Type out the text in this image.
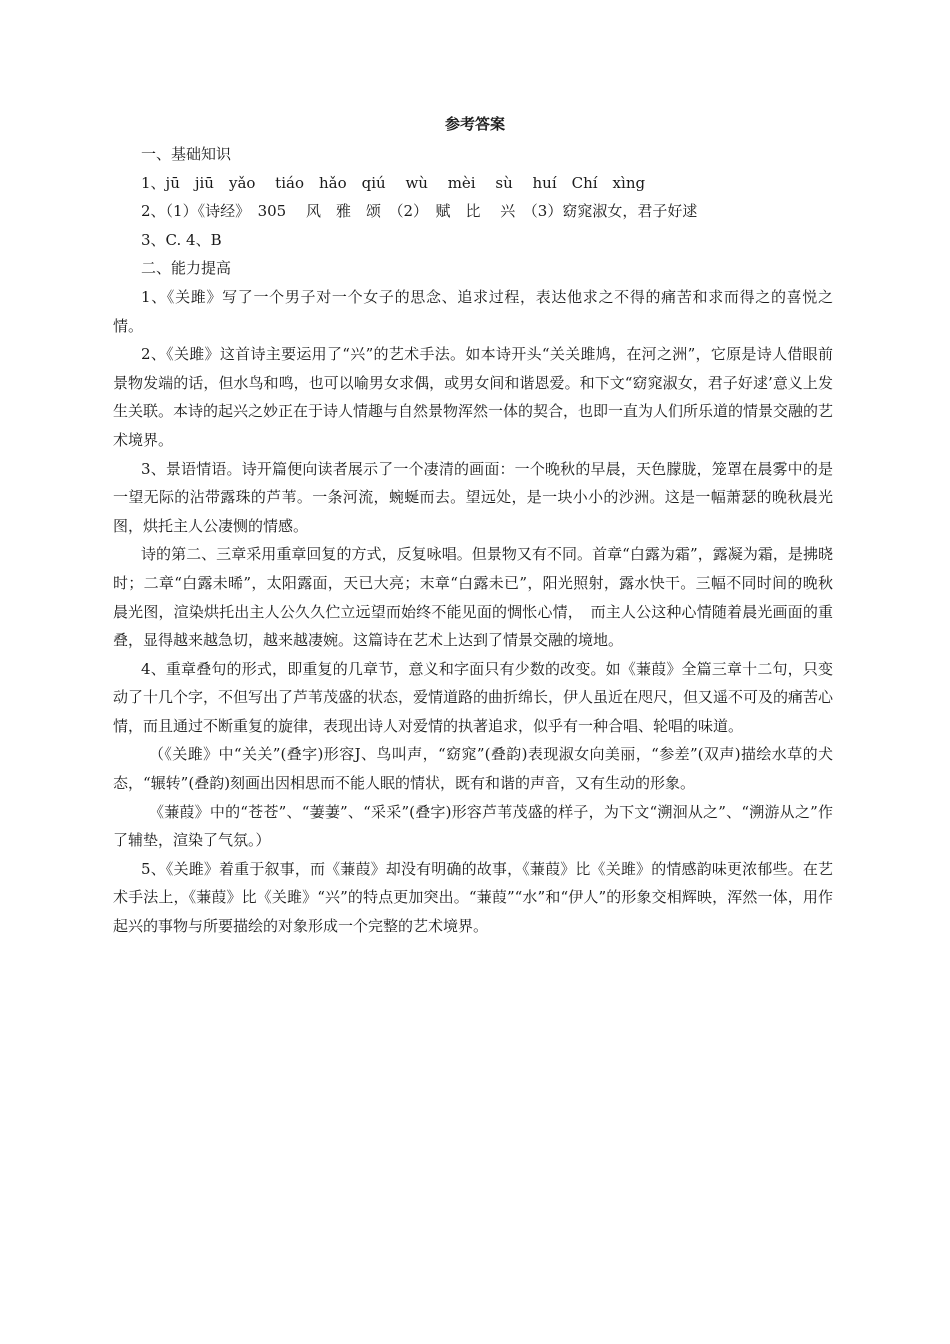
参考答案

一、基础知识

1、jū　jiū　yǎo　 tiáo　hǎo　qiú　 wù　 mèi　 sù　 huí　Chí　xìng

2、（1）《诗经》　305　 风　雅　颂　（2）　赋　比　 兴　（3）窈窕淑女，君子好逑

3、C. 4、B

二、能力提高

1、《关雎》写了一个男子对一个女子的思念、追求过程，表达他求之不得的痛苦和求而得之的喜悦之情。

2、《关雎》这首诗主要运用了“兴”的艺术手法。如本诗开头“关关雎鸠，在河之洲”，它原是诗人借眼前景物发端的话，但水鸟和鸣，也可以喻男女求偶，或男女间和谐恩爱。和下文“窈窕淑女，君子好逑’意义上发生关联。本诗的起兴之妙正在于诗人情趣与自然景物浑然一体的契合，也即一直为人们所乐道的情景交融的艺术境界。

3、景语情语。诗开篇便向读者展示了一个凄清的画面：一个晚秋的早晨，天色朦胧，笼罩在晨雾中的是一望无际的沾带露珠的芦苇。一条河流，蜿蜒而去。望远处，是一块小小的沙洲。这是一幅萧瑟的晚秋晨光图，烘托主人公凄恻的情感。

诗的第二、三章采用重章回复的方式，反复咏唱。但景物又有不同。首章“白露为霜”，露凝为霜，是拂晓时；二章“白露未晞”，太阳露面，天已大亮；末章“白露未已”，阳光照射，露水快干。三幅不同时间的晚秋晨光图，渲染烘托出主人公久久伫立远望而始终不能见面的惆怅心情，　而主人公这种心情随着晨光画面的重叠，显得越来越急切，越来越凄婉。这篇诗在艺术上达到了情景交融的境地。

4、重章叠句的形式，即重复的几章节，意义和字面只有少数的改变。如《蒹葭》全篇三章十二句，只变动了十几个字，不但写出了芦苇茂盛的状态，爱情道路的曲折绵长，伊人虽近在咫尺，但又遥不可及的痛苦心情，而且通过不断重复的旋律，表现出诗人对爱情的执著追求，似乎有一种合唱、轮唱的味道。

（《关雎》中“关关”(叠字)形容J、鸟叫声，“窈窕”(叠韵)表现淑女向美丽，“参差”(双声)描绘水草的犬态，“辗转”(叠韵)刻画出因相思而不能人眠的情状，既有和谐的声音，又有生动的形象。

《蒹葭》中的“苍苍”、“萋萋”、“采采”(叠字)形容芦苇茂盛的样子，为下文“溯洄从之”、“溯游从之”作了辅垫，渲染了气氛。）

5、《关雎》着重于叙事，而《蒹葭》却没有明确的故事，《蒹葭》比《关雎》的情感韵味更浓郁些。在艺术手法上，《蒹葭》比《关雎》“兴”的特点更加突出。“蒹葭”“水”和“伊人”的形象交相辉映，浑然一体，用作起兴的事物与所要描绘的对象形成一个完整的艺术境界。
